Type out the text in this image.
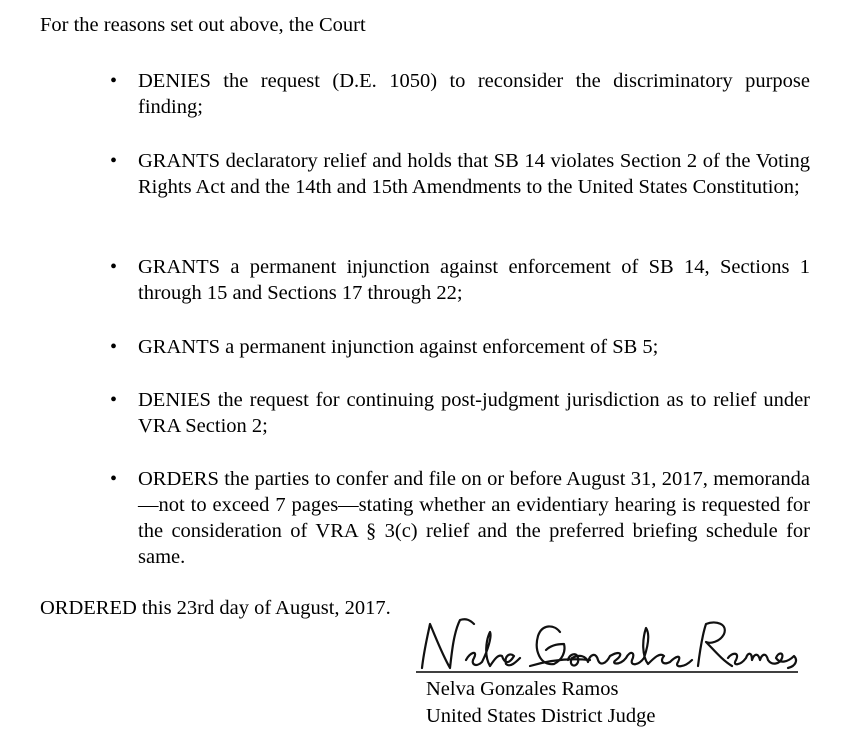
For the reasons set out above, the Court
• DENIES the request (D.E. 1050) to reconsider the discriminatory purpose finding;
• GRANTS declaratory relief and holds that SB 14 violates Section 2 of the Voting Rights Act and the 14th and 15th Amendments to the United States Constitution;
• GRANTS a permanent injunction against enforcement of SB 14, Sections 1 through 15 and Sections 17 through 22;
• GRANTS a permanent injunction against enforcement of SB 5;
• DENIES the request for continuing post-judgment jurisdiction as to relief under VRA Section 2;
• ORDERS the parties to confer and file on or before August 31, 2017, memoranda—not to exceed 7 pages—stating whether an evidentiary hearing is requested for the consideration of VRA § 3(c) relief and the preferred briefing schedule for same.
ORDERED this 23rd day of August, 2017.
Nelva Gonzales Ramos
United States District Judge
